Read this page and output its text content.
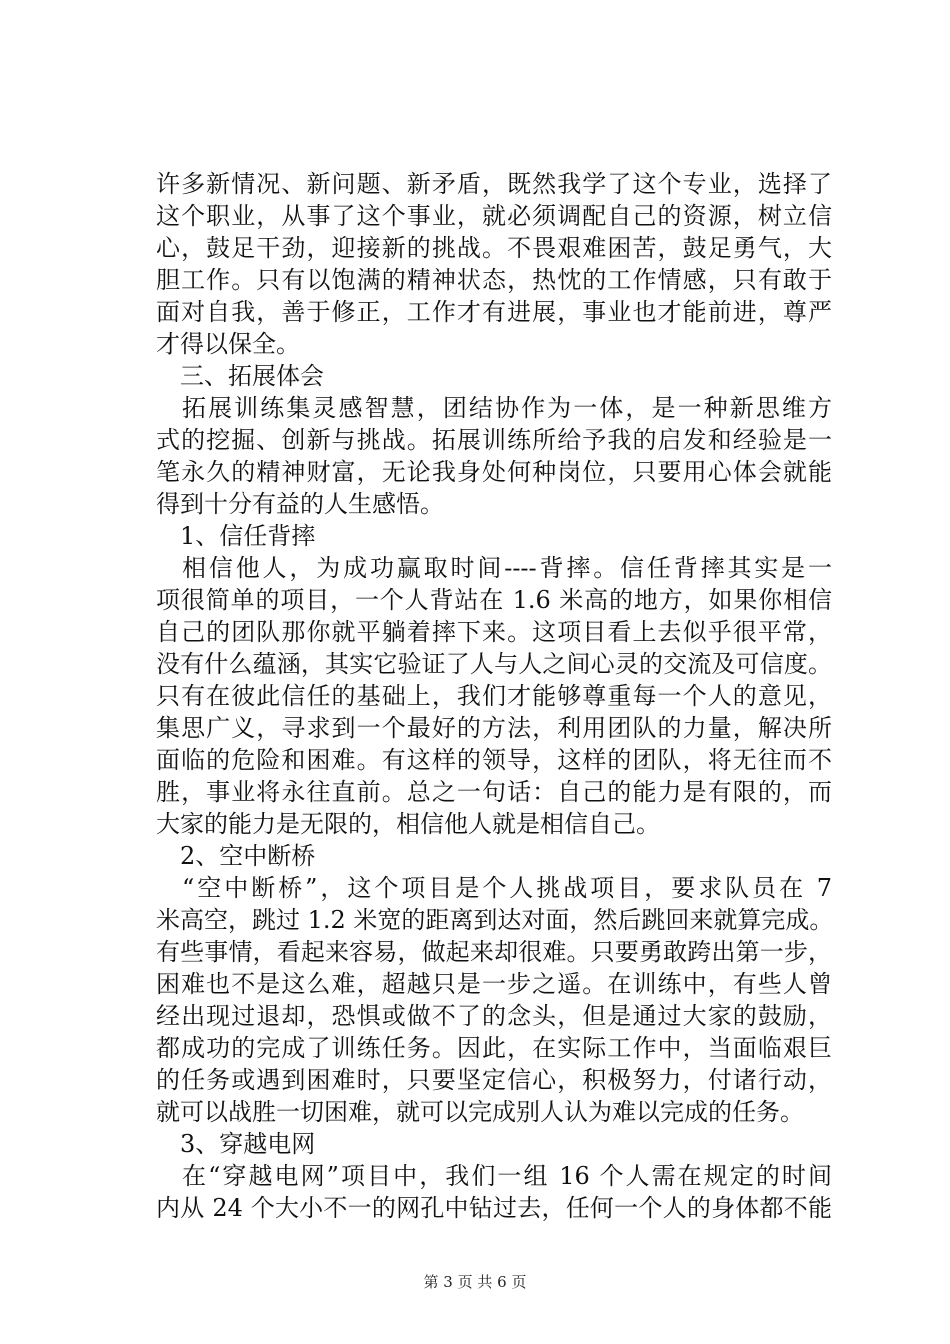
许多新情况、新问题、新矛盾，既然我学了这个专业，选择了
这个职业，从事了这个事业，就必须调配自己的资源，树立信
心，鼓足干劲，迎接新的挑战。不畏艰难困苦，鼓足勇气，大
胆工作。只有以饱满的精神状态，热忱的工作情感，只有敢于
面对自我，善于修正，工作才有进展，事业也才能前进，尊严
才得以保全。
三、拓展体会
拓展训练集灵感智慧，团结协作为一体，是一种新思维方
式的挖掘、创新与挑战。拓展训练所给予我的启发和经验是一
笔永久的精神财富，无论我身处何种岗位，只要用心体会就能
得到十分有益的人生感悟。
1、信任背摔
相信他人，为成功赢取时间----背摔。信任背摔其实是一
项很简单的项目，一个人背站在 1.6 米高的地方，如果你相信
自己的团队那你就平躺着摔下来。这项目看上去似乎很平常，
没有什么蕴涵，其实它验证了人与人之间心灵的交流及可信度。
只有在彼此信任的基础上，我们才能够尊重每一个人的意见，
集思广义，寻求到一个最好的方法，利用团队的力量，解决所
面临的危险和困难。有这样的领导，这样的团队，将无往而不
胜，事业将永往直前。总之一句话：自己的能力是有限的，而
大家的能力是无限的，相信他人就是相信自己。
2、空中断桥
“空中断桥”，这个项目是个人挑战项目，要求队员在 7
米高空，跳过 1.2 米宽的距离到达对面，然后跳回来就算完成。
有些事情，看起来容易，做起来却很难。只要勇敢跨出第一步，
困难也不是这么难，超越只是一步之遥。在训练中，有些人曾
经出现过退却，恐惧或做不了的念头，但是通过大家的鼓励，
都成功的完成了训练任务。因此，在实际工作中，当面临艰巨
的任务或遇到困难时，只要坚定信心，积极努力，付诸行动，
就可以战胜一切困难，就可以完成别人认为难以完成的任务。
3、穿越电网
在“穿越电网”项目中，我们一组 16 个人需在规定的时间
内从 24 个大小不一的网孔中钻过去，任何一个人的身体都不能
第 3 页 共 6 页
